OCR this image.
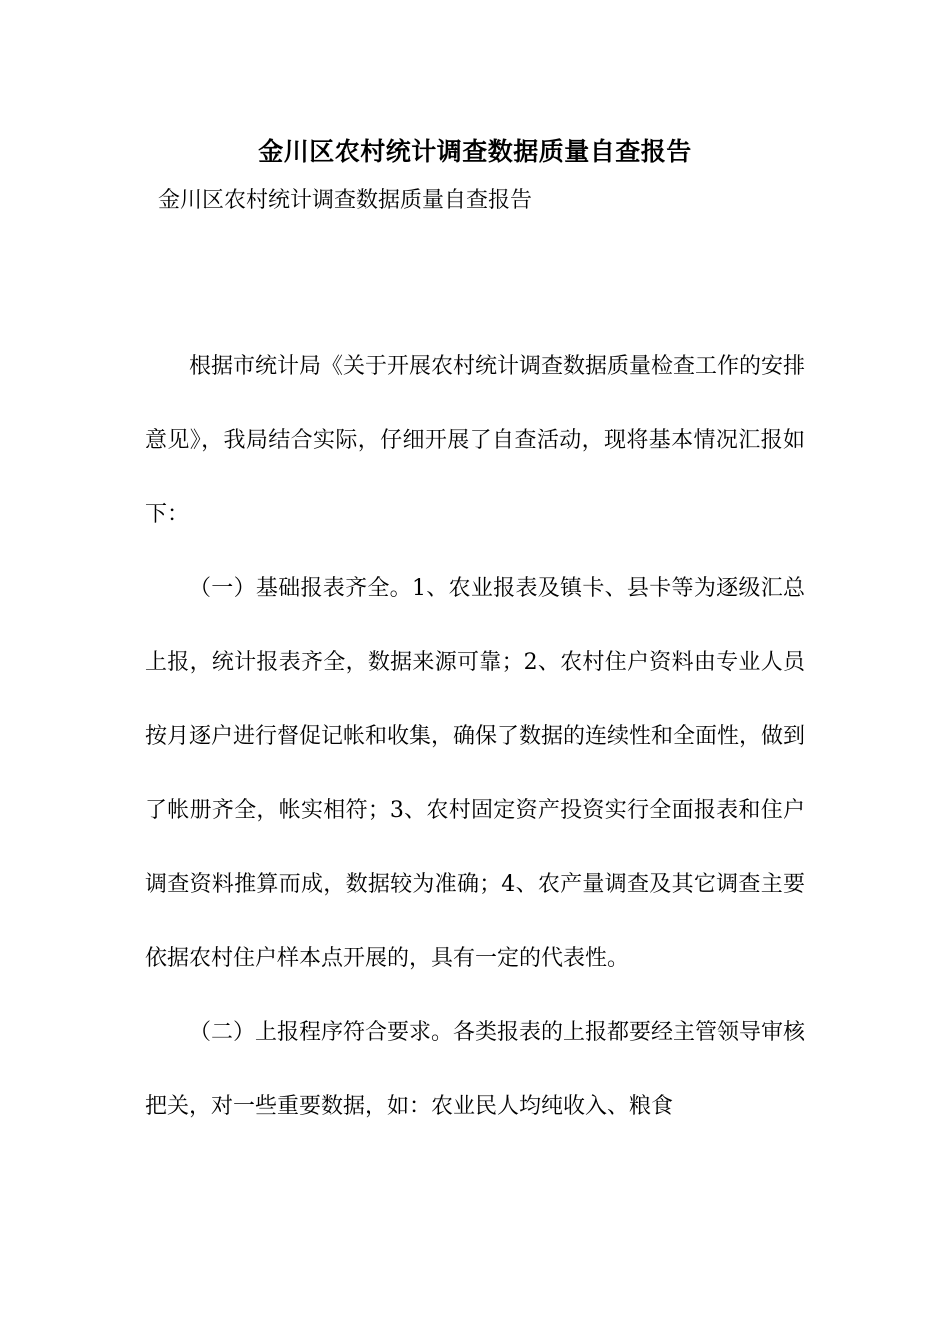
金川区农村统计调查数据质量自查报告

金川区农村统计调查数据质量自查报告

根据市统计局《关于开展农村统计调查数据质量检查工作的安排意见》，我局结合实际，仔细开展了自查活动，现将基本情况汇报如下：

（一）基础报表齐全。1、农业报表及镇卡、县卡等为逐级汇总上报，统计报表齐全，数据来源可靠；2、农村住户资料由专业人员按月逐户进行督促记帐和收集，确保了数据的连续性和全面性，做到了帐册齐全，帐实相符；3、农村固定资产投资实行全面报表和住户调查资料推算而成，数据较为准确；4、农产量调查及其它调查主要依据农村住户样本点开展的，具有一定的代表性。

（二）上报程序符合要求。各类报表的上报都要经主管领导审核把关，对一些重要数据，如：农业民人均纯收入、粮食
